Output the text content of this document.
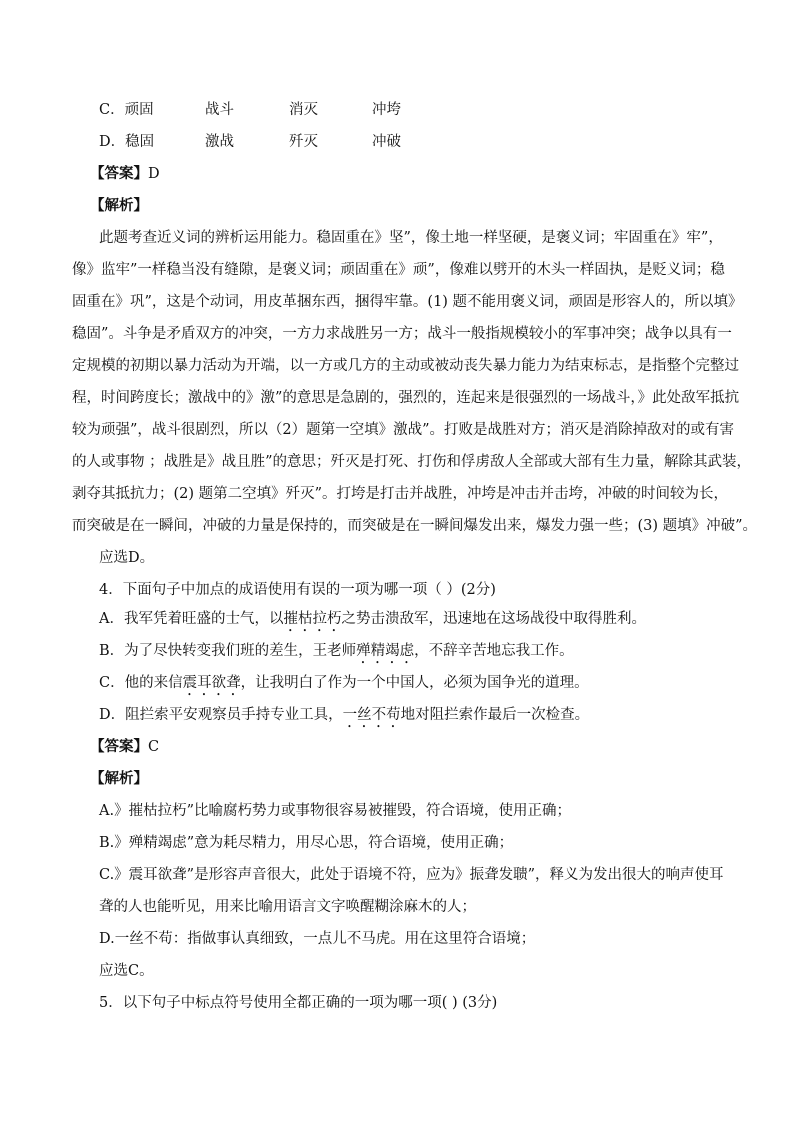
C．顽固	战斗	消灭	冲垮
D．稳固	激战	歼灭	冲破
【答案】D
【解析】
此题考查近义词的辨析运用能力。稳固重在》坚”，像土地一样坚硬，是褒义词；牢固重在》牢”，
像》监牢”一样稳当没有缝隙，是褒义词；顽固重在》顽”，像难以劈开的木头一样固执，是贬义词；稳
固重在》巩”，这是个动词，用皮革捆东西，捆得牢靠。(1) 题不能用褒义词，顽固是形容人的，所以填》
稳固”。斗争是矛盾双方的冲突，一方力求战胜另一方；战斗一般指规模较小的军事冲突；战争以具有一
定规模的初期以暴力活动为开端，以一方或几方的主动或被动丧失暴力能力为结束标志，是指整个完整过
程，时间跨度长；激战中的》激”的意思是急剧的，强烈的，连起来是很强烈的一场战斗，》此处敌军抵抗
较为顽强”，战斗很剧烈，所以（2）题第一空填》激战”。打败是战胜对方；消灭是消除掉敌对的或有害
的人或事物 ；战胜是》战且胜”的意思；歼灭是打死、打伤和俘虏敌人全部或大部有生力量，解除其武装，
剥夺其抵抗力；(2) 题第二空填》歼灭”。打垮是打击并战胜，冲垮是冲击并击垮，冲破的时间较为长，
而突破是在一瞬间，冲破的力量是保持的，而突破是在一瞬间爆发出来，爆发力强一些；(3) 题填》冲破”。
应选D。
4．下面句子中加点的成语使用有误的一项为哪一项（ ）(2分)
A．我军凭着旺盛的士气，以摧枯拉朽之势击溃敌军，迅速地在这场战役中取得胜利。
B．为了尽快转变我们班的差生，王老师殚精竭虑，不辞辛苦地忘我工作。
C．他的来信震耳欲聋，让我明白了作为一个中国人，必须为国争光的道理。
D．阻拦索平安观察员手持专业工具，一丝不苟地对阻拦索作最后一次检查。
【答案】C
【解析】
A.》摧枯拉朽”比喻腐朽势力或事物很容易被摧毁，符合语境，使用正确；
B.》殚精竭虑”意为耗尽精力，用尽心思，符合语境，使用正确；
C.》震耳欲聋”是形容声音很大，此处于语境不符，应为》振聋发聩”，释义为发出很大的响声使耳
聋的人也能听见，用来比喻用语言文字唤醒糊涂麻木的人；
D.一丝不苟：指做事认真细致，一点儿不马虎。用在这里符合语境；
应选C。
5．以下句子中标点符号使用全都正确的一项为哪一项( ) (3分)
